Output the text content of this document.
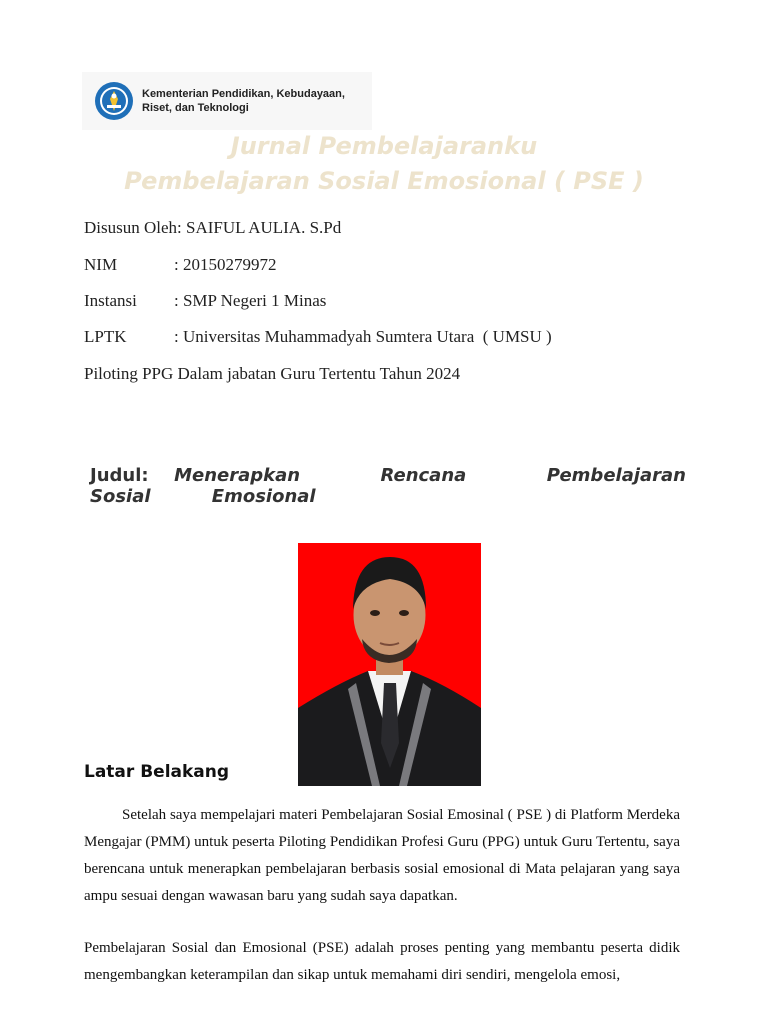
Kementerian Pendidikan, Kebudayaan,
Riset, dan Teknologi
Jurnal Pembelajaranku
Pembelajaran Sosial Emosional ( PSE )
Disusun Oleh: SAIFUL AULIA. S.Pd
NIM	: 20150279972
Instansi : SMP Negeri 1 Minas
LPTK	: Universitas Muhammadyah Sumtera Utara  ( UMSU )
Piloting PPG Dalam jabatan Guru Tertentu Tahun 2024
Judul: Menerapkan Rencana Pembelajaran Sosial Emosional
Latar Belakang
Setelah saya mempelajari materi Pembelajaran Sosial Emosinal ( PSE ) di Platform Merdeka Mengajar (PMM) untuk peserta Piloting Pendidikan Profesi Guru (PPG) untuk Guru Tertentu, saya berencana untuk menerapkan pembelajaran berbasis sosial emosional di Mata pelajaran yang saya ampu sesuai dengan wawasan baru yang sudah saya dapatkan.
Pembelajaran Sosial dan Emosional (PSE) adalah proses penting yang membantu peserta didik mengembangkan keterampilan dan sikap untuk memahami diri sendiri, mengelola emosi,
